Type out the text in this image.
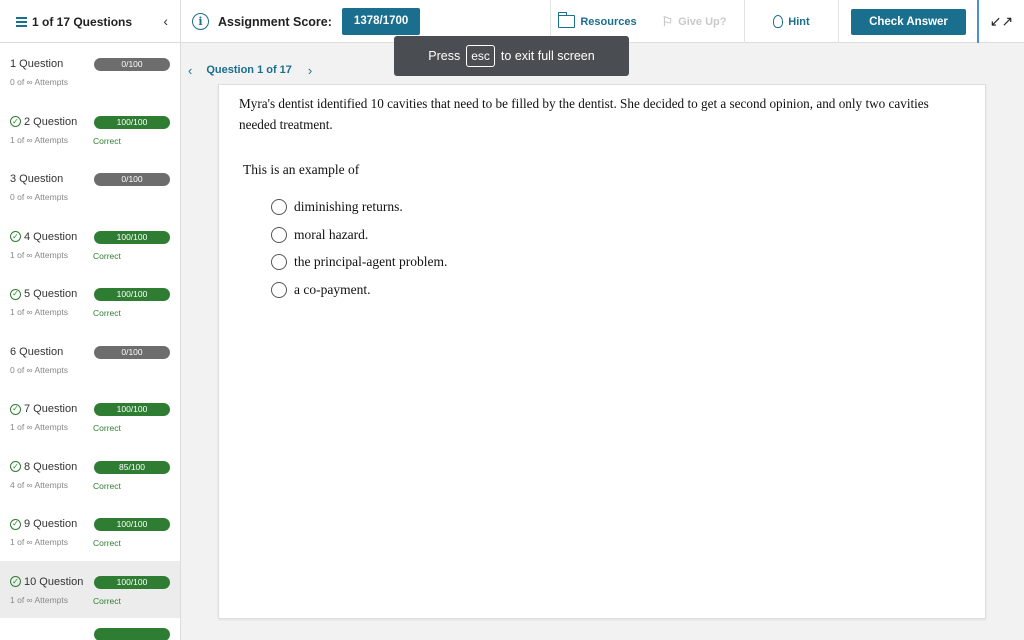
1 of 17 Questions ‹	i	Assignment Score:	1378/1700	Resources ⚐ Give Up?	Hint	Check Answer	↙↗
1 Question
0 of ∞ Attempts
0/100
✓ 2 Question
1 of ∞ Attempts
100/100
Correct
3 Question
0 of ∞ Attempts
0/100
✓ 4 Question
1 of ∞ Attempts
100/100
Correct
✓ 5 Question
1 of ∞ Attempts
100/100
Correct
6 Question
0 of ∞ Attempts
0/100
✓ 7 Question
1 of ∞ Attempts
100/100
Correct
✓ 8 Question
4 of ∞ Attempts
85/100
Correct
✓ 9 Question
1 of ∞ Attempts
100/100
Correct
✓ 10 Question
1 of ∞ Attempts
100/100
Correct
‹ Question 1 of 17 ›
Myra's dentist identified 10 cavities that need to be filled by the dentist. She decided to get a second opinion, and only two cavities needed treatment.
This is an example of
diminishing returns.
moral hazard.
the principal-agent problem.
a co-payment.
Press esc to exit full screen
